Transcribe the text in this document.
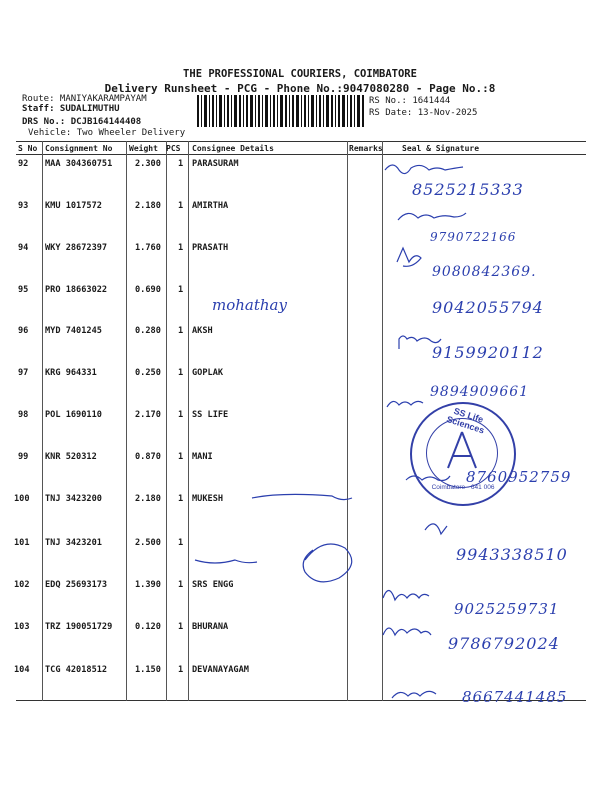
THE PROFESSIONAL COURIERS, COIMBATORE
Delivery Runsheet - PCG - Phone No.:9047080280 - Page No.:8
Route: MANIYAKARAMPAYAM
Staff: SUDALIMUTHU
DRS No.: DCJB164144408
Vehicle: Two Wheeler Delivery
RS No.: 1641444
RS Date: 13-Nov-2025
S No Consignment No Weight PCS Consignee Details	Remarks Seal & Signature
92 MAA 304360751	2.300 1 PARASURAM
93 KMU 1017572	2.180 1 AMIRTHA
94 WKY 28672397	1.760 1 PRASATH
95 PRO 18663022	0.690 1
96 MYD 7401245	0.280 1 AKSH
97 KRG 964331	0.250 1 GOPLAK
98 POL 1690110	2.170 1 SS LIFE
99 KNR 520312	0.870 1 MANI
100 TNJ 3423200	2.180 1 MUKESH
101 TNJ 3423201	2.500 1
102 EDQ 25693173	1.390 1 SRS ENGG
103 TRZ 190051729	0.120 1 BHURANA
104 TCG 42018512	1.150 1 DEVANAYAGAM
mohathay
8525215333
9790722166
9080842369.
9042055794
9159920112
9894909661
8760952759
9943338510
9025259731
9786792024
8667441485
SS Life Sciences
Coimbatore - 641 006
